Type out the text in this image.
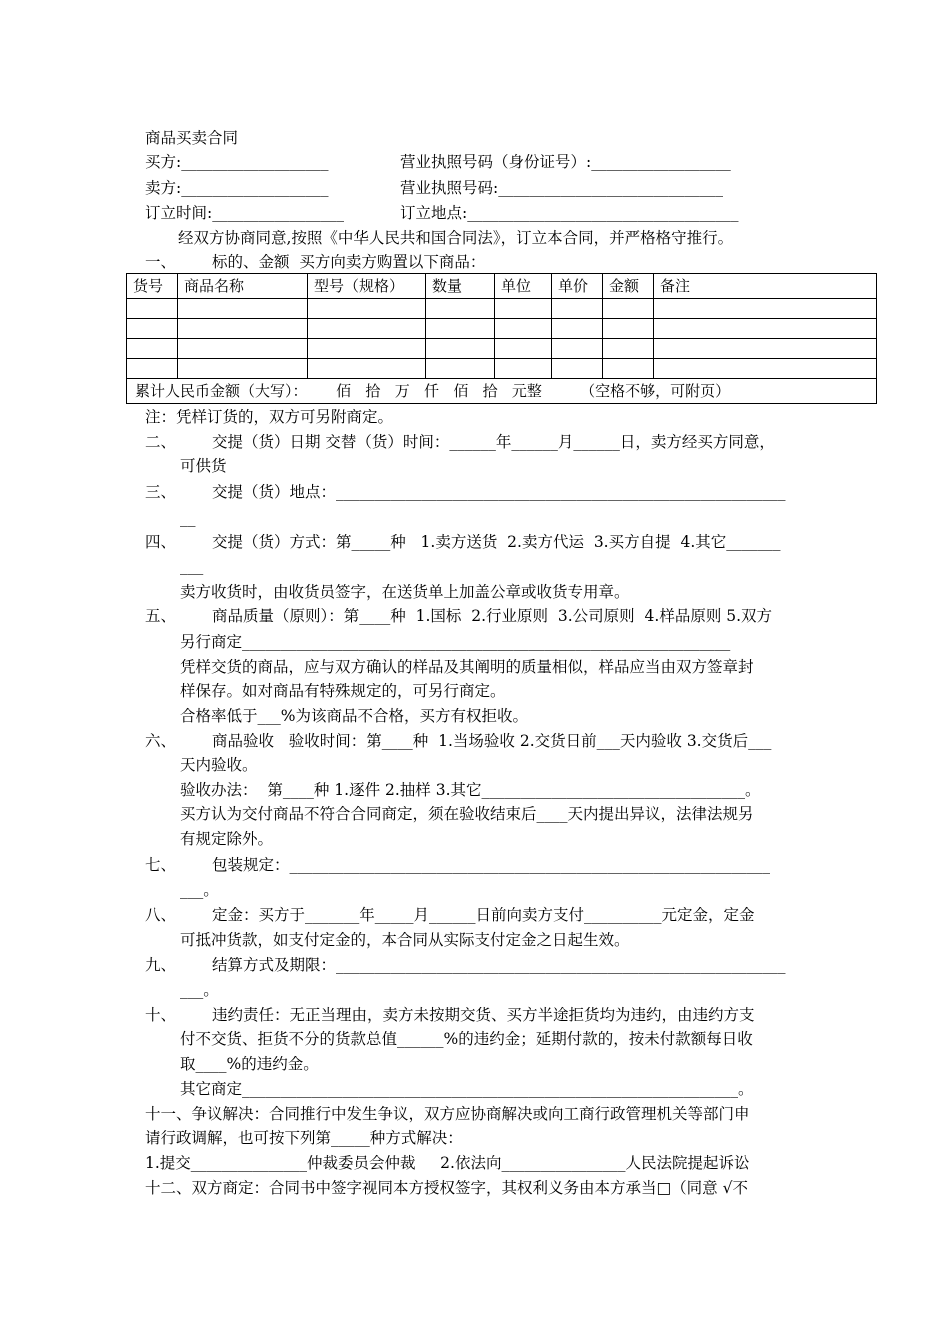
商品买卖合同
买方:___________________	营业执照号码（身份证号）:__________________
卖方:___________________	营业执照号码:_____________________________
订立时间:_________________	订立地点:___________________________________
经双方协商同意,按照《中华人民共和国合同法》，订立本合同，并严格格守推行。
一、 标的、金额  买方向卖方购置以下商品：
货号	商品名称	型号（规格）	数量	单位	单价	金额	备注

累计人民币金额（大写）：      佰   拾   万   仟   佰   拾   元整        （空格不够，可附页）							
注：凭样订货的，双方可另附商定。
二、 交提（货）日期 交替（货）时间：______年______月______日，卖方经买方同意，
可供货
三、 交提（货）地点：__________________________________________________________
__
四、 交提（货）方式：第_____种   1.卖方送货  2.卖方代运  3.买方自提  4.其它_______
___
卖方收货时，由收货员签字，在送货单上加盖公章或收货专用章。
五、 商品质量（原则）：第____种  1.国标  2.行业原则  3.公司原则  4.样品原则 5.双方
另行商定_______________________________________________________________
凭样交货的商品，应与双方确认的样品及其阐明的质量相似，样品应当由双方签章封
样保存。如对商品有特殊规定的，可另行商定。
合格率低于___%为该商品不合格，买方有权拒收。
六、 商品验收   验收时间：第____种  1.当场验收 2.交货日前___天内验收 3.交货后___
天内验收。
验收办法：  第____种 1.逐件 2.抽样 3.其它__________________________________。
买方认为交付商品不符合合同商定，须在验收结束后____天内提出异议，法律法规另
有规定除外。
七、 包装规定：______________________________________________________________
___。
八、 定金：买方于_______年_____月______日前向卖方支付__________元定金，定金
可抵冲货款，如支付定金的，本合同从实际支付定金之日起生效。
九、 结算方式及期限：__________________________________________________________
___。
十、 违约责任：无正当理由，卖方未按期交货、买方半途拒货均为违约，由违约方支
付不交货、拒货不分的货款总值______%的违约金；延期付款的，按未付款额每日收
取____%的违约金。
其它商定________________________________________________________________。
十一、争议解决：合同推行中发生争议，双方应协商解决或向工商行政管理机关等部门申
请行政调解，也可按下列第_____种方式解决：
1.提交_______________仲裁委员会仲裁     2.依法向________________人民法院提起诉讼
十二、双方商定：合同书中签字视同本方授权签字，其权利义务由本方承当□（同意 √不
